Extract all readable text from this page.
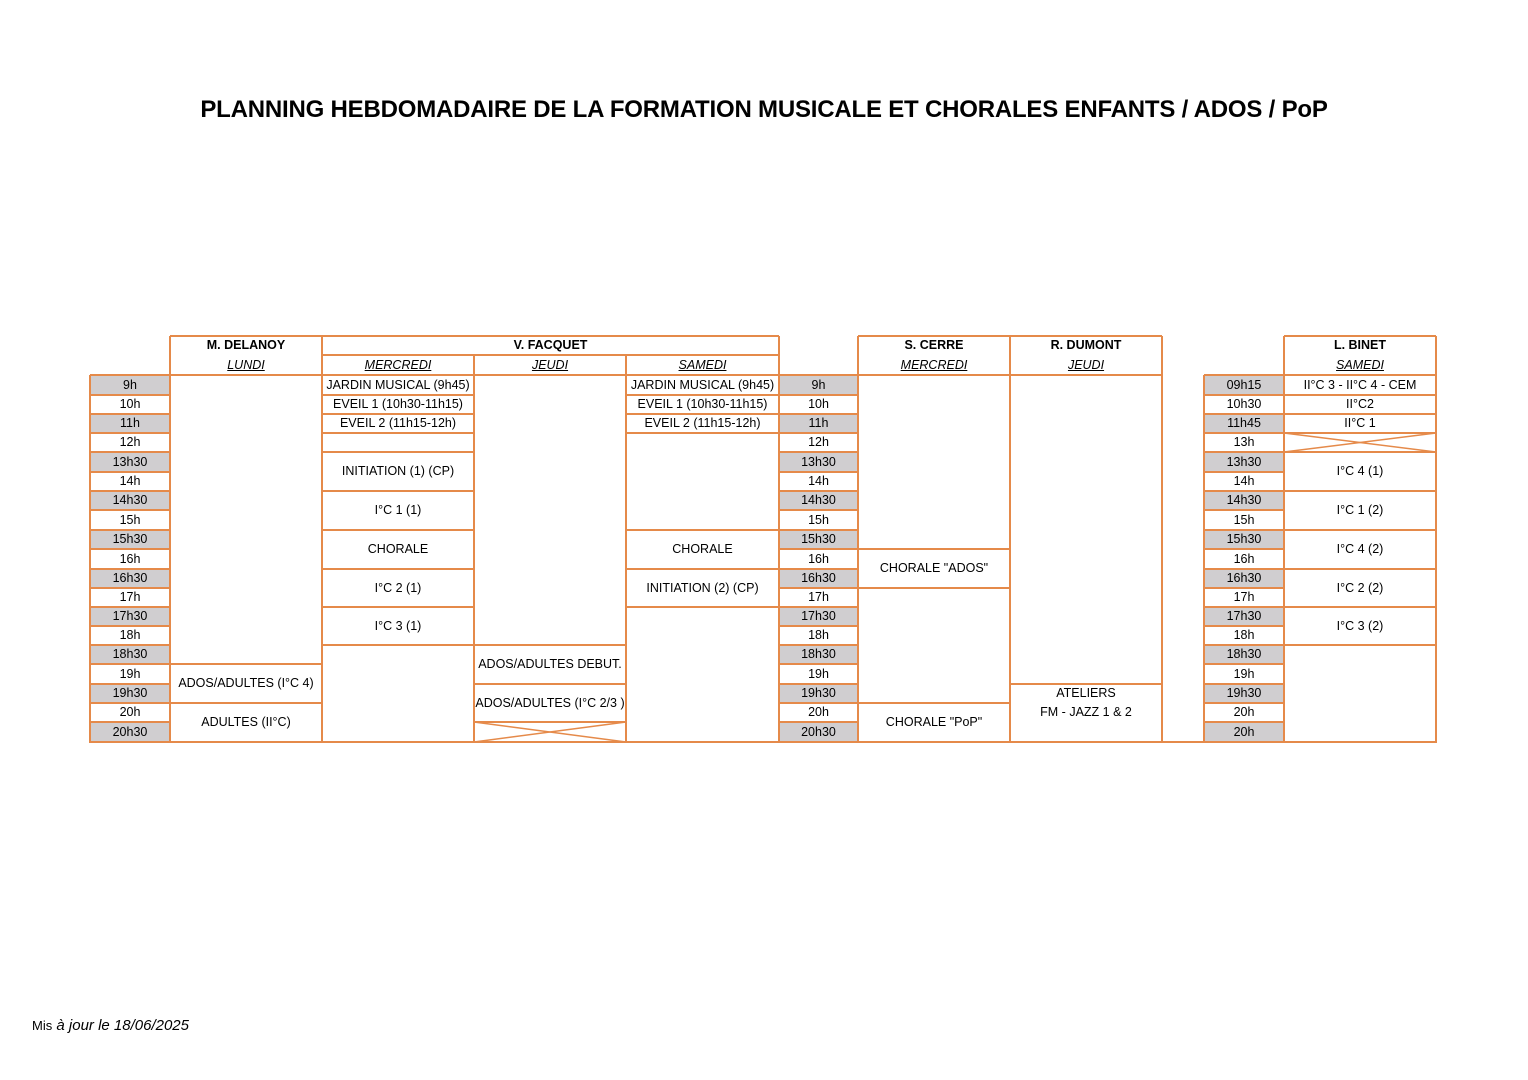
PLANNING HEBDOMADAIRE DE LA FORMATION MUSICALE ET CHORALES ENFANTS / ADOS / PoP
M. DELANOY
LUNDI
V. FACQUET
MERCREDI	JEUDI	SAMEDI
S. CERRE
MERCREDI
R. DUMONT
JEUDI
L. BINET
SAMEDI
9h
10h
11h
12h
13h30
14h
14h30
15h
15h30
16h
16h30
17h
17h30
18h
18h30
19h
19h30
20h
20h30
9h
10h
11h
12h
13h30
14h
14h30
15h
15h30
16h
16h30
17h
17h30
18h
18h30
19h
19h30
20h
20h30
09h15
10h30
11h45
13h
13h30
14h
14h30
15h
15h30
16h
16h30
17h
17h30
18h
18h30
19h
19h30
20h
20h
ADOS/ADULTES (I°C 4)
ADULTES (II°C)
JARDIN MUSICAL (9h45)
EVEIL 1 (10h30-11h15)
EVEIL 2 (11h15-12h)
INITIATION (1) (CP)
I°C 1 (1)
CHORALE
I°C 2 (1)
I°C 3 (1)
ADOS/ADULTES DEBUT.
ADOS/ADULTES (I°C 2/3 )
JARDIN MUSICAL (9h45)
EVEIL 1 (10h30-11h15)
EVEIL 2 (11h15-12h)
CHORALE
INITIATION (2) (CP)
CHORALE "ADOS"
CHORALE "PoP"
ATELIERS
FM - JAZZ 1 & 2
II°C 3 - II°C 4 - CEM
II°C2
II°C 1
I°C 4 (1)
I°C 1 (2)
I°C 4 (2)
I°C 2 (2)
I°C 3 (2)
Mis à jour le 18/06/2025
